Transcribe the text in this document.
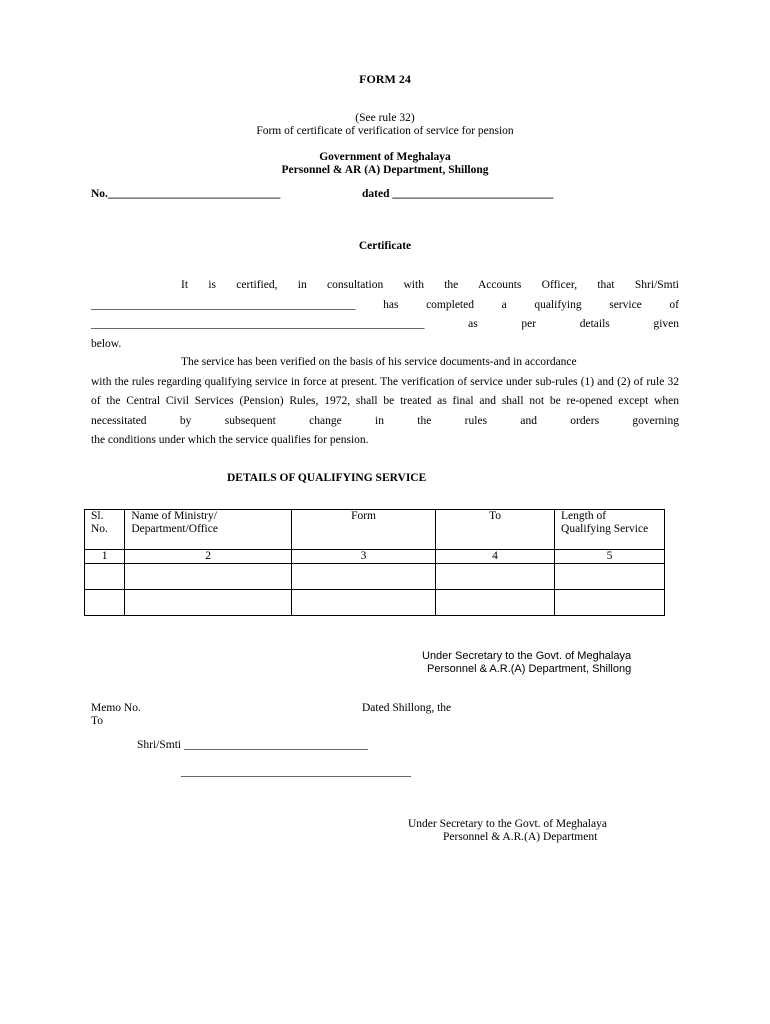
FORM 24
(See rule 32)
Form of certificate of verification of service for pension
Government of Meghalaya
Personnel & AR (A) Department, Shillong
No.______________________________	dated ____________________________
Certificate
It is certified, in consultation with the Accounts Officer, that Shri/Smti
______________________________________________ has completed a qualifying service of
__________________________________________________________ as per details given
below.
The service has been verified on the basis of his service documents-and in accordance
with the rules regarding qualifying service in force at present. The verification of service under sub-rules (1) and (2) of rule 32 of the Central Civil Services (Pension) Rules, 1972, shall be treated as final and shall not be re-opened except when necessitated by subsequent change in the rules and orders governing
the conditions under which the service qualifies for pension.
DETAILS OF QUALIFYING SERVICE
Sl. No.	Name of Ministry/ Department/Office	Form	To	Length of Qualifying Service
1	2	3	4	5

Under Secretary to the Govt. of Meghalaya
Personnel & A.R.(A) Department, Shillong
Memo No.	Dated Shillong, the
To
Shri/Smti ________________________________
________________________________________
Under Secretary to the Govt. of Meghalaya
Personnel & A.R.(A) Department
